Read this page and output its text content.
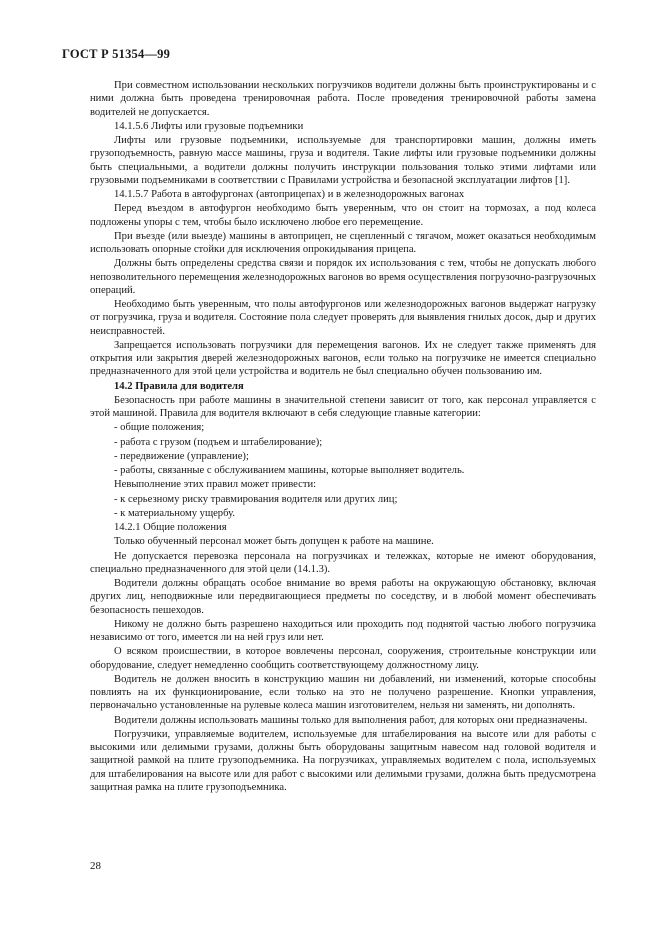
ГОСТ Р 51354—99

При совместном использовании нескольких погрузчиков водители должны быть проинструктированы и с ними должна быть проведена тренировочная работа. После проведения тренировочной работы замена водителей не допускается.

14.1.5.6 Лифты или грузовые подъемники

Лифты или грузовые подъемники, используемые для транспортировки машин, должны иметь грузоподъемность, равную массе машины, груза и водителя. Такие лифты или грузовые подъемники должны быть специальными, а водители должны получить инструкции пользования только этими лифтами или грузовыми подъемниками в соответствии с Правилами устройства и безопасной эксплуатации лифтов [1].

14.1.5.7 Работа в автофургонах (автоприцепах) и в железнодорожных вагонах

Перед въездом в автофургон необходимо быть уверенным, что он стоит на тормозах, а под колеса подложены упоры с тем, чтобы было исключено любое его перемещение.

При въезде (или выезде) машины в автоприцеп, не сцепленный с тягачом, может оказаться необходимым использовать опорные стойки для исключения опрокидывания прицепа.

Должны быть определены средства связи и порядок их использования с тем, чтобы не допускать любого непозволительного перемещения железнодорожных вагонов во время осуществления погрузочно-разгрузочных операций.

Необходимо быть уверенным, что полы автофургонов или железнодорожных вагонов выдержат нагрузку от погрузчика, груза и водителя. Состояние пола следует проверять для выявления гнилых досок, дыр и других неисправностей.

Запрещается использовать погрузчики для перемещения вагонов. Их не следует также применять для открытия или закрытия дверей железнодорожных вагонов, если только на погрузчике не имеется специально предназначенного для этой цели устройства и водитель не был специально обучен пользованию им.

14.2 Правила для водителя

Безопасность при работе машины в значительной степени зависит от того, как персонал управляется с этой машиной. Правила для водителя включают в себя следующие главные категории:

- общие положения;

- работа с грузом (подъем и штабелирование);

- передвижение (управление);

- работы, связанные с обслуживанием машины, которые выполняет водитель.

Невыполнение этих правил может привести:

- к серьезному риску травмирования водителя или других лиц;

- к материальному ущербу.

14.2.1 Общие положения

Только обученный персонал может быть допущен к работе на машине.

Не допускается перевозка персонала на погрузчиках и тележках, которые не имеют оборудования, специально предназначенного для этой цели (14.1.3).

Водители должны обращать особое внимание во время работы на окружающую обстановку, включая других лиц, неподвижные или передвигающиеся предметы по соседству, и в любой момент обеспечивать безопасность пешеходов.

Никому не должно быть разрешено находиться или проходить под поднятой частью любого погрузчика независимо от того, имеется ли на ней груз или нет.

О всяком происшествии, в которое вовлечены персонал, сооружения, строительные конструкции или оборудование, следует немедленно сообщить соответствующему должностному лицу.

Водитель не должен вносить в конструкцию машин ни добавлений, ни изменений, которые способны повлиять на их функционирование, если только на это не получено разрешение. Кнопки управления, первоначально установленные на рулевые колеса машин изготовителем, нельзя ни заменять, ни дополнять.

Водители должны использовать машины только для выполнения работ, для которых они предназначены.

Погрузчики, управляемые водителем, используемые для штабелирования на высоте или для работы с высокими или делимыми грузами, должны быть оборудованы защитным навесом над головой водителя и защитной рамкой на плите грузоподъемника. На погрузчиках, управляемых водителем с пола, используемых для штабелирования на высоте или для работ с высокими или делимыми грузами, должна быть предусмотрена защитная рамка на плите грузоподъемника.

28
